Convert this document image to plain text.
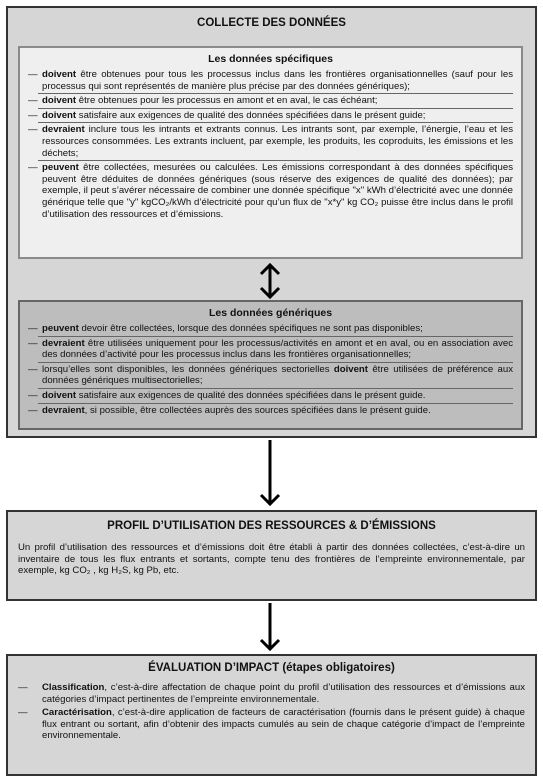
COLLECTE DES DONNÉES
Les données spécifiques
— doivent être obtenues pour tous les processus inclus dans les frontières organisationnelles (sauf pour les processus qui sont représentés de manière plus précise par des données génériques);
— doivent être obtenues pour les processus en amont et en aval, le cas échéant;
— doivent satisfaire aux exigences de qualité des données spécifiées dans le présent guide;
— devraient inclure tous les intrants et extrants connus. Les intrants sont, par exemple, l’énergie, l’eau et les ressources consommées. Les extrants incluent, par exemple, les produits, les coproduits, les émissions et les déchets;
— peuvent être collectées, mesurées ou calculées. Les émissions correspondant à des données spécifiques peuvent être déduites de données génériques (sous réserve des exigences de qualité des données); par exemple, il peut s’avérer nécessaire de combiner une donnée spécifique "x" kWh d’électricité avec une donnée générique telle que "y" kgCO₂/kWh d’électricité pour qu’un flux de "x*y" kg CO₂ puisse être inclus dans le profil d’utilisation des ressources et d’émissions.
Les données génériques
— peuvent devoir être collectées, lorsque des données spécifiques ne sont pas disponibles;
— devraient être utilisées uniquement pour les processus/activités en amont et en aval, ou en association avec des données d’activité pour les processus inclus dans les frontières organisationnelles;
— lorsqu’elles sont disponibles, les données génériques sectorielles doivent être utilisées de préférence aux données génériques multisectorielles;
— doivent satisfaire aux exigences de qualité des données spécifiées dans le présent guide.
— devraient, si possible, être collectées auprès des sources spécifiées dans le présent guide.
PROFIL D’UTILISATION DES RESSOURCES & D’ÉMISSIONS
Un profil d’utilisation des ressources et d’émissions doit être établi à partir des données collectées, c’est-à-dire un inventaire de tous les flux entrants et sortants, compte tenu des frontières de l’empreinte environnementale, par exemple, kg CO₂ , kg H₂S, kg Pb, etc.
ÉVALUATION D’IMPACT (étapes obligatoires)
— Classification, c’est-à-dire affectation de chaque point du profil d’utilisation des ressources et d’émissions aux catégories d’impact pertinentes de l’empreinte environnementale.
— Caractérisation, c’est-à-dire application de facteurs de caractérisation (fournis dans le présent guide) à chaque flux entrant ou sortant, afin d’obtenir des impacts cumulés au sein de chaque catégorie d’impact de l’empreinte environnementale.
